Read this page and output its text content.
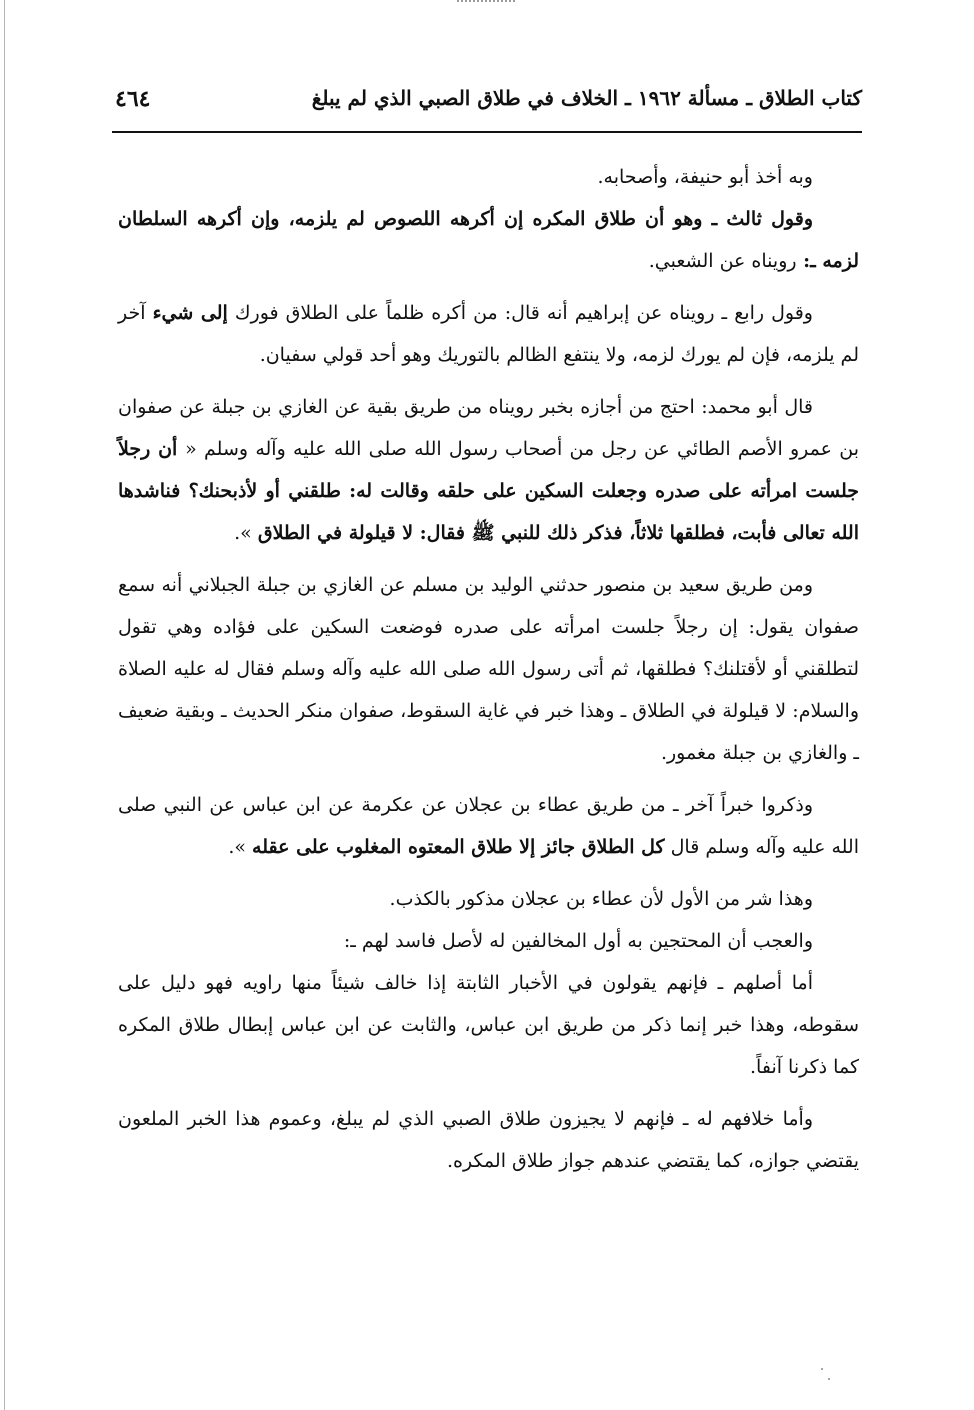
كتاب الطلاق ـ مسألة ١٩٦٢ ـ الخلاف في طلاق الصبي الذي لم يبلغ
٤٦٤

وبه أخذ أبو حنيفة، وأصحابه.

وقول ثالث ـ وهو أن طلاق المكره إن أكرهه اللصوص لم يلزمه، وإن أكرهه السلطان لزمه ـ: رويناه عن الشعبي.

وقول رابع ـ رويناه عن إبراهيم أنه قال: من أكره ظلماً على الطلاق فورك إلى شيء آخر لم يلزمه، فإن لم يورك لزمه، ولا ينتفع الظالم بالتوريك وهو أحد قولي سفيان.

قال أبو محمد: احتج من أجازه بخبر رويناه من طريق بقية عن الغازي بن جبلة عن صفوان بن عمرو الأصم الطائي عن رجل من أصحاب رسول الله صلى الله عليه وآله وسلم « أن رجلاً جلست امرأته على صدره وجعلت السكين على حلقه وقالت له: طلقني أو لأذبحنك؟ فناشدها الله تعالى فأبت، فطلقها ثلاثاً، فذكر ذلك للنبي ﷺ فقال: لا قيلولة في الطلاق ».

ومن طريق سعيد بن منصور حدثني الوليد بن مسلم عن الغازي بن جبلة الجبلاني أنه سمع صفوان يقول: إن رجلاً جلست امرأته على صدره فوضعت السكين على فؤاده وهي تقول لتطلقني أو لأقتلنك؟ فطلقها، ثم أتى رسول الله صلى الله عليه وآله وسلم فقال له عليه الصلاة والسلام: لا قيلولة في الطلاق ـ وهذا خبر في غاية السقوط، صفوان منكر الحديث ـ وبقية ضعيف ـ والغازي بن جبلة مغمور.

وذكروا خبراً آخر ـ من طريق عطاء بن عجلان عن عكرمة عن ابن عباس عن النبي صلى الله عليه وآله وسلم قال كل الطلاق جائز إلا طلاق المعتوه المغلوب على عقله ».

وهذا شر من الأول لأن عطاء بن عجلان مذكور بالكذب.

والعجب أن المحتجين به أول المخالفين له لأصل فاسد لهم ـ:

أما أصلهم ـ فإنهم يقولون في الأخبار الثابتة إذا خالف شيئاً منها راويه فهو دليل على سقوطه، وهذا خبر إنما ذكر من طريق ابن عباس، والثابت عن ابن عباس إبطال طلاق المكره كما ذكرنا آنفاً.

وأما خلافهم له ـ فإنهم لا يجيزون طلاق الصبي الذي لم يبلغ، وعموم هذا الخبر الملعون يقتضي جوازه، كما يقتضي عندهم جواز طلاق المكره.
